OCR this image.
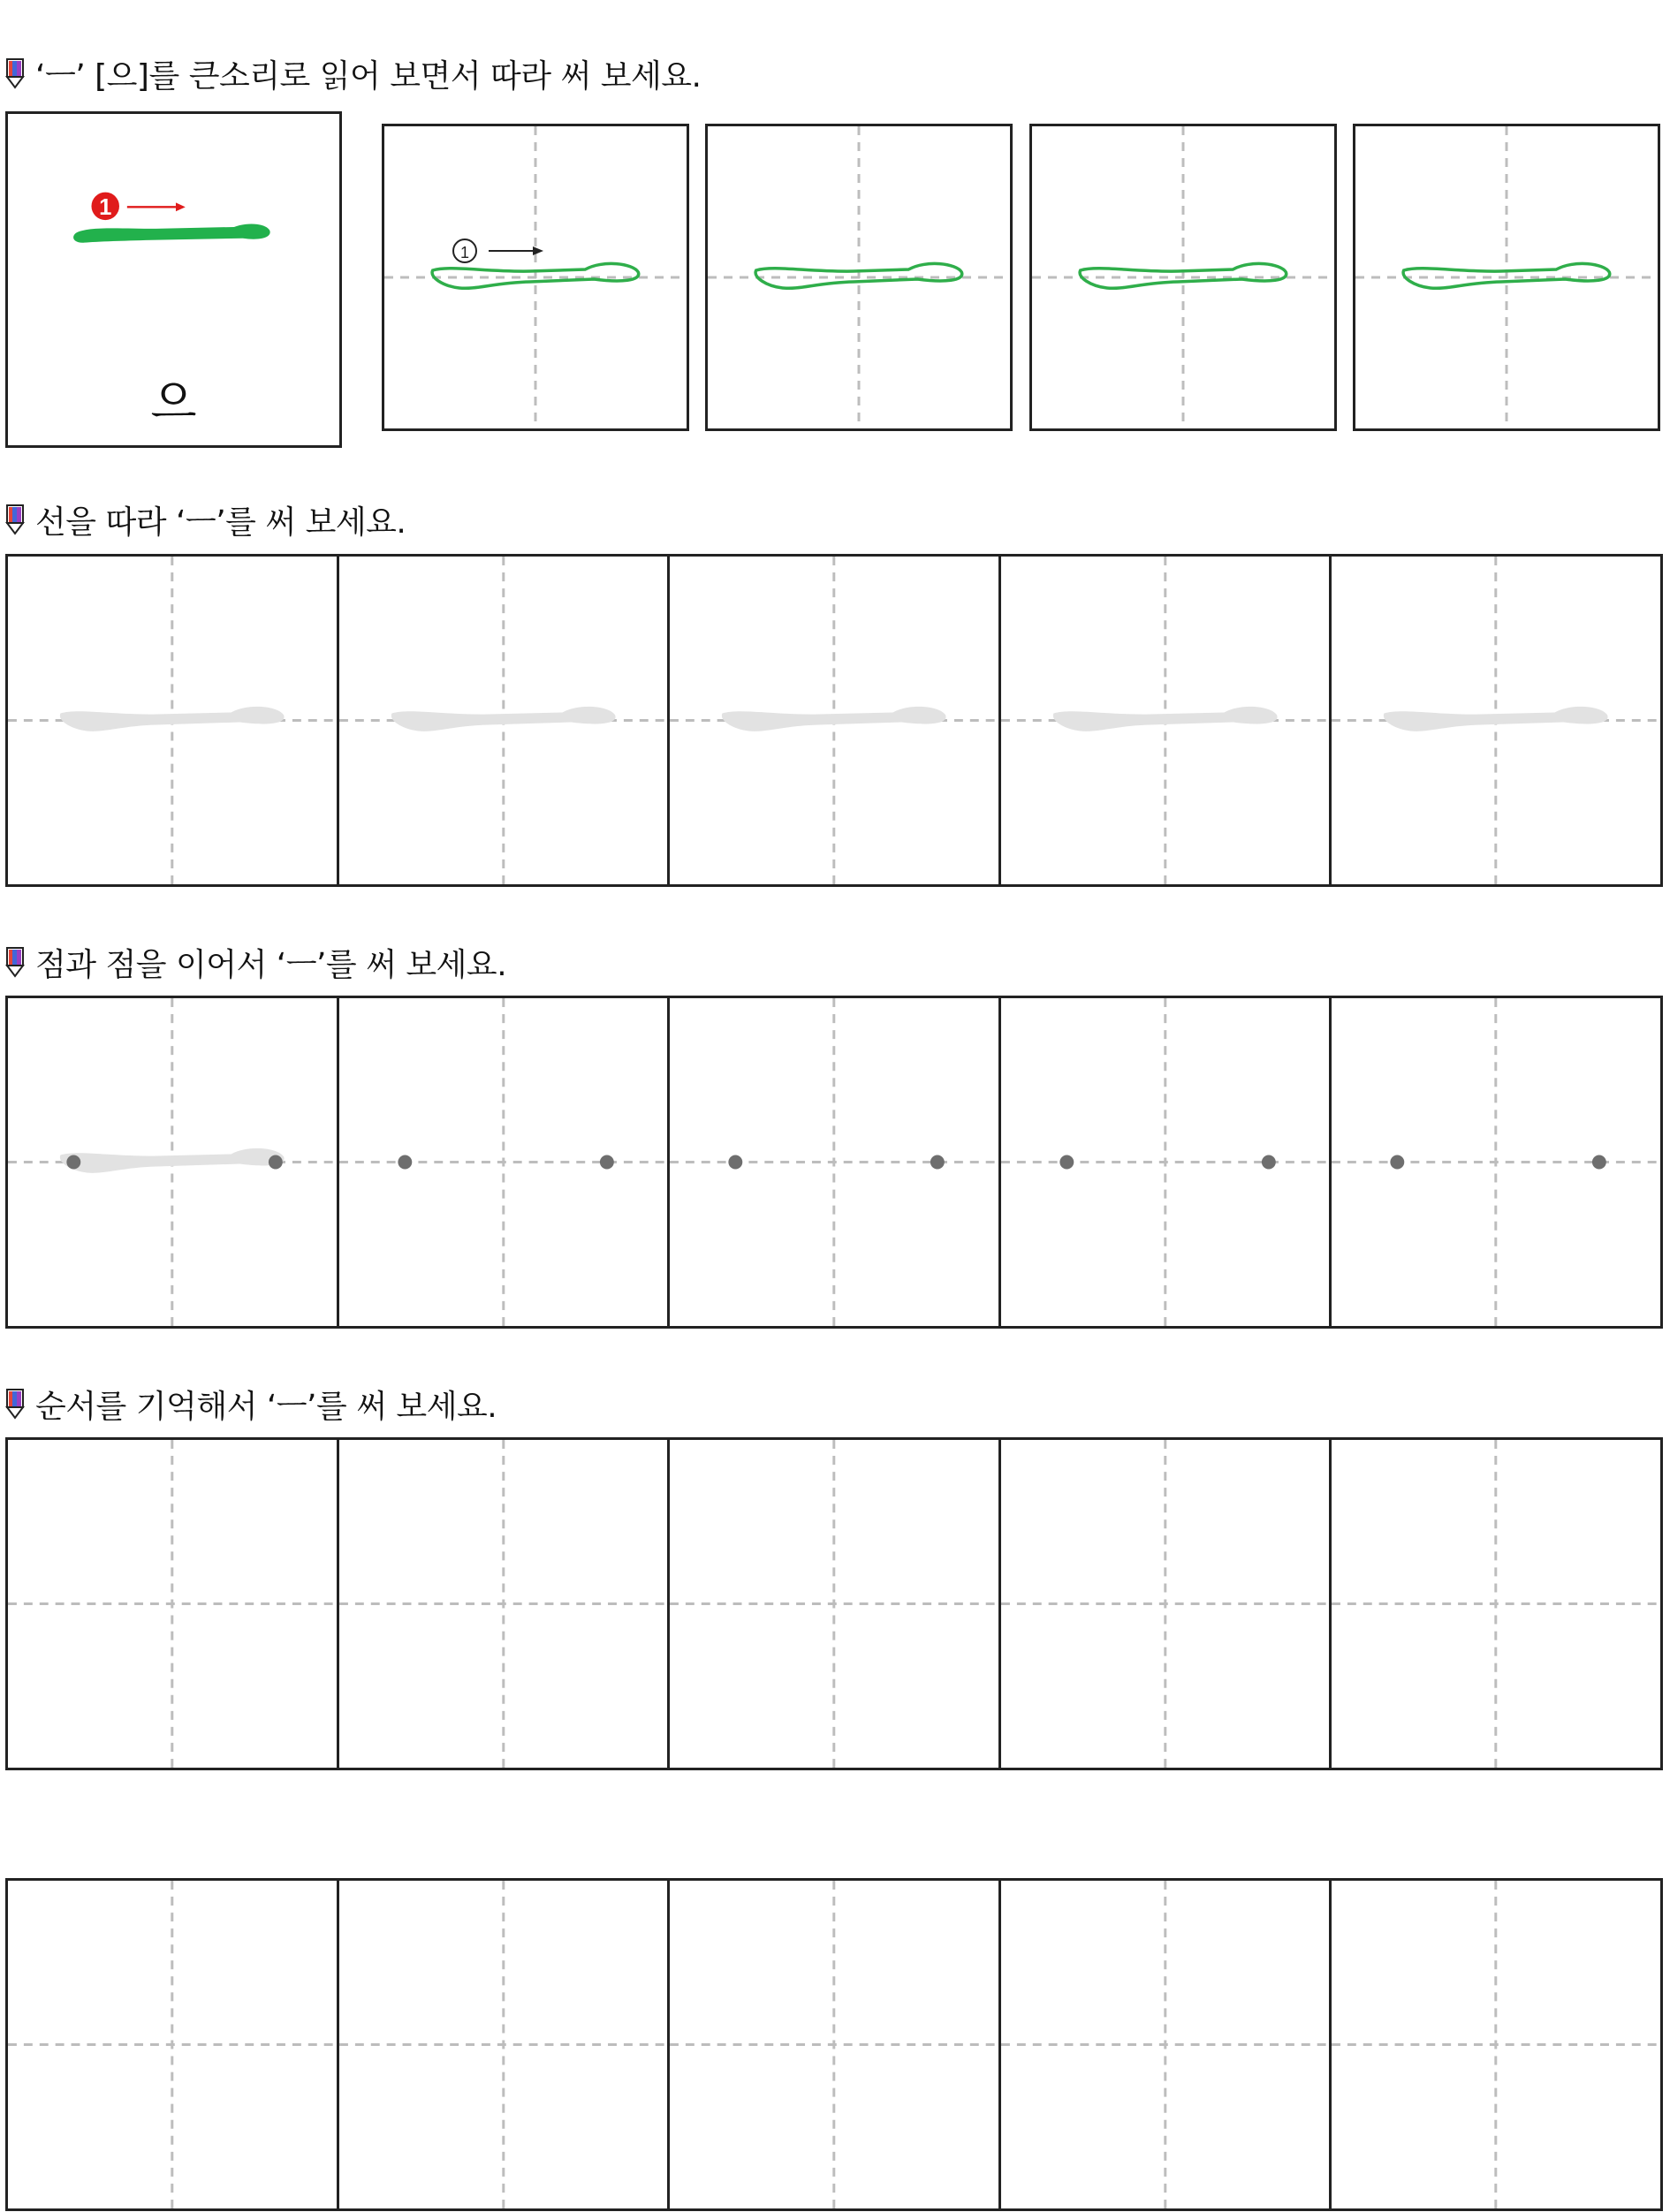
‘ㅡ’ [으]를 큰소리로 읽어 보면서 따라 써 보세요.
1
으
1
선을 따라 ‘ㅡ’를 써 보세요.
점과 점을 이어서 ‘ㅡ’를 써 보세요.
순서를 기억해서 ‘ㅡ’를 써 보세요.
